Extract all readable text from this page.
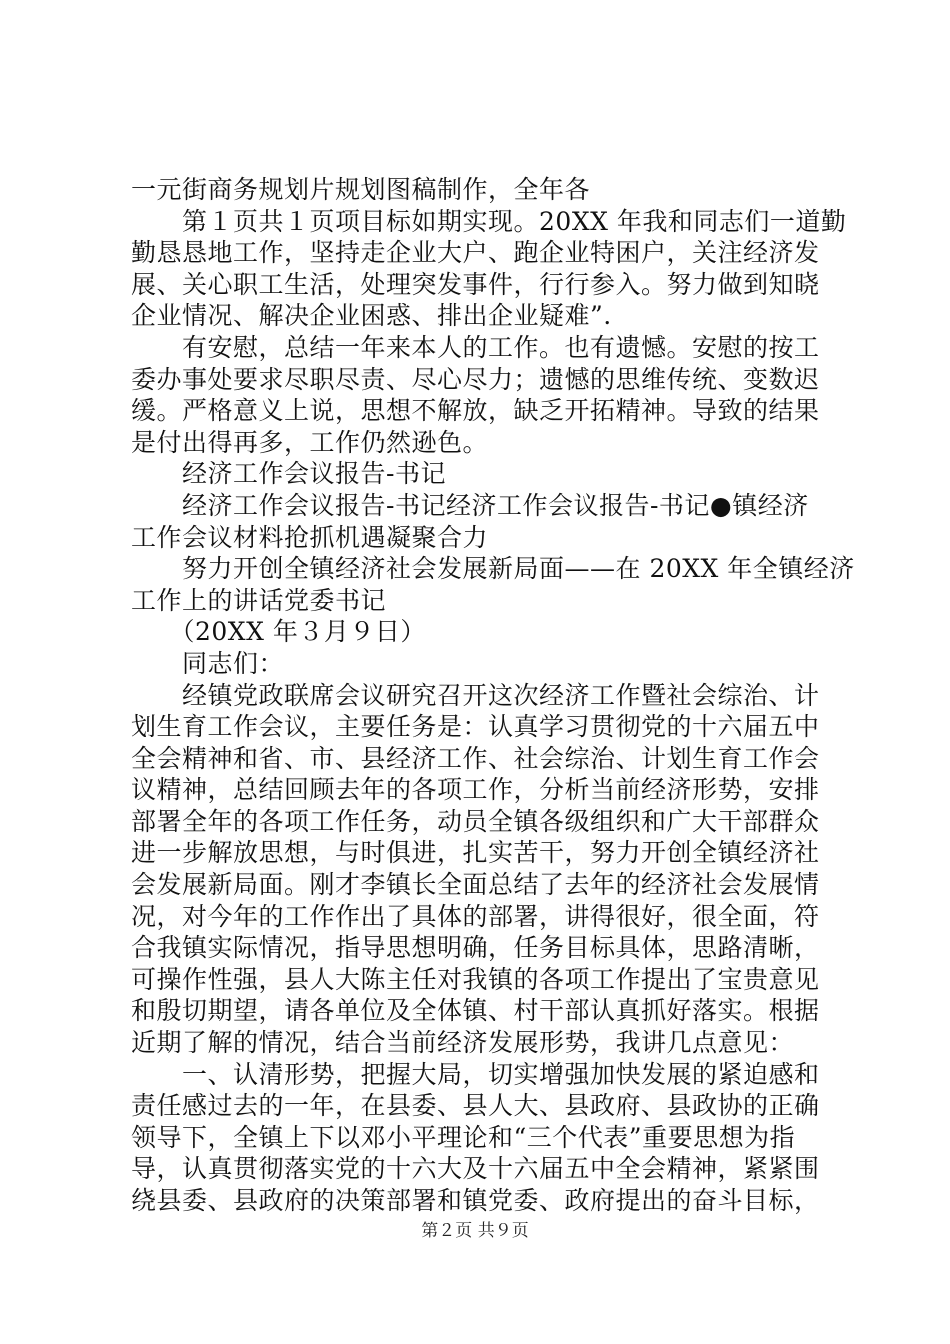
一元街商务规划片规划图稿制作，全年各
　　第１页共１页项目标如期实现。20XX 年我和同志们一道勤
勤恳恳地工作，坚持走企业大户、跑企业特困户，关注经济发
展、关心职工生活，处理突发事件，行行参入。努力做到知晓
企业情况、解决企业困惑、排出企业疑难”.
　　有安慰，总结一年来本人的工作。也有遗憾。安慰的按工
委办事处要求尽职尽责、尽心尽力；遗憾的思维传统、变数迟
缓。严格意义上说，思想不解放，缺乏开拓精神。导致的结果
是付出得再多，工作仍然逊色。
　　经济工作会议报告-书记
　　经济工作会议报告-书记经济工作会议报告-书记●镇经济
工作会议材料抢抓机遇凝聚合力
　　努力开创全镇经济社会发展新局面——在 20XX 年全镇经济
工作上的讲话党委书记
　　（20XX 年３月９日）
　　同志们：
　　经镇党政联席会议研究召开这次经济工作暨社会综治、计
划生育工作会议，主要任务是：认真学习贯彻党的十六届五中
全会精神和省、市、县经济工作、社会综治、计划生育工作会
议精神，总结回顾去年的各项工作，分析当前经济形势，安排
部署全年的各项工作任务，动员全镇各级组织和广大干部群众
进一步解放思想，与时俱进，扎实苦干，努力开创全镇经济社
会发展新局面。刚才李镇长全面总结了去年的经济社会发展情
况，对今年的工作作出了具体的部署，讲得很好，很全面，符
合我镇实际情况，指导思想明确，任务目标具体，思路清晰，
可操作性强，县人大陈主任对我镇的各项工作提出了宝贵意见
和殷切期望，请各单位及全体镇、村干部认真抓好落实。根据
近期了解的情况，结合当前经济发展形势，我讲几点意见：
　　一、认清形势，把握大局，切实增强加快发展的紧迫感和
责任感过去的一年，在县委、县人大、县政府、县政协的正确
领导下，全镇上下以邓小平理论和“三个代表”重要思想为指
导，认真贯彻落实党的十六大及十六届五中全会精神，紧紧围
绕县委、县政府的决策部署和镇党委、政府提出的奋斗目标，
第２页 共９页
